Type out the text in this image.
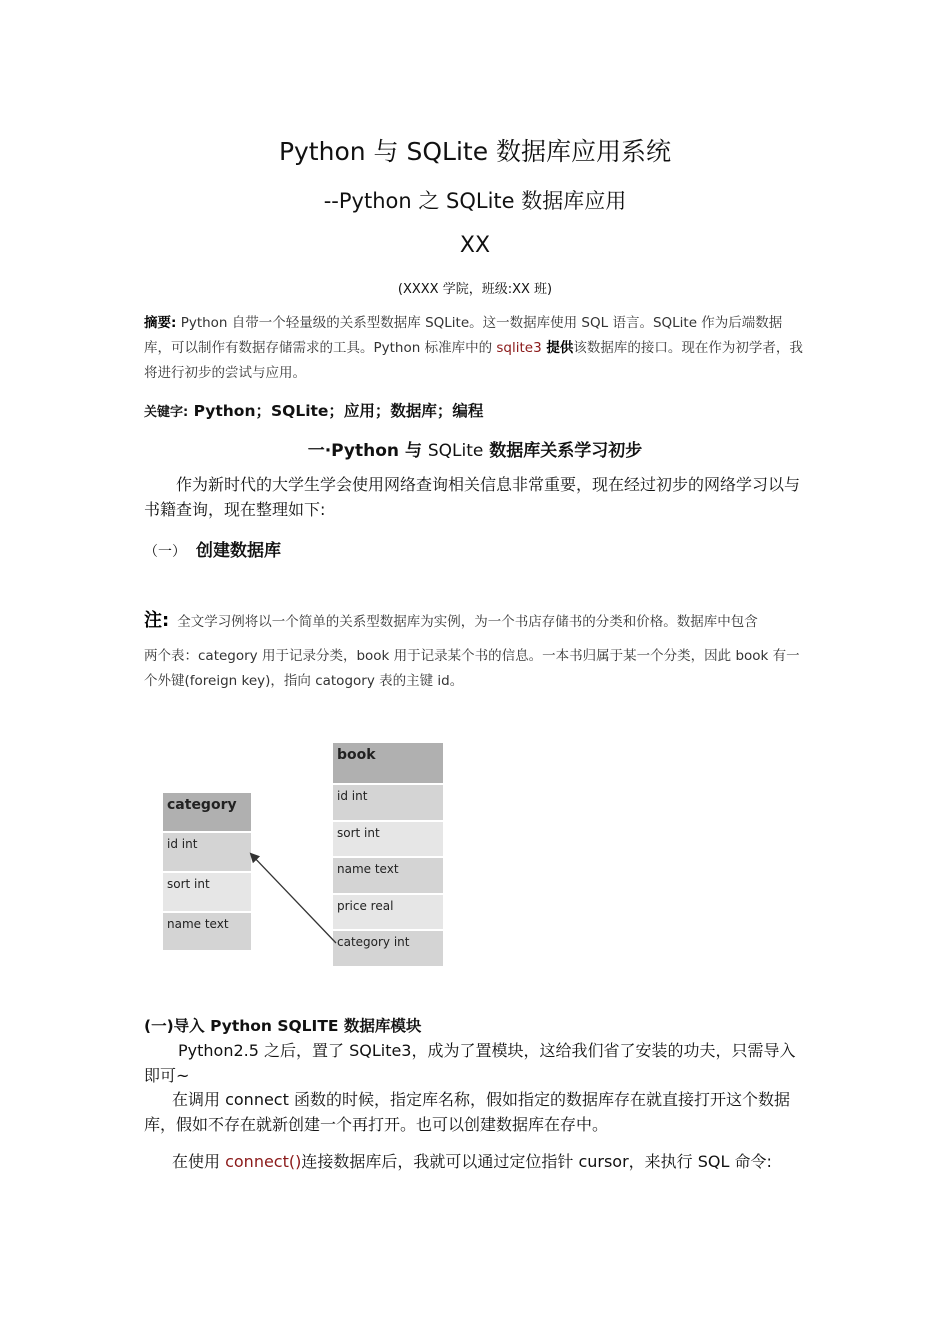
Python 与 SQLite 数据库应用系统
--Python 之 SQLite 数据库应用
XX
(XXXX 学院，班级:XX 班)
摘要: Python 自带一个轻量级的关系型数据库 SQLite。这一数据库使用 SQL 语言。SQLite 作为后端数据库，可以制作有数据存储需求的工具。Python 标准库中的 sqlite3 提供该数据库的接口。现在作为初学者，我将进行初步的尝试与应用。
关键字: Python；SQLite；应用；数据库；编程
一·Python 与 SQLite 数据库关系学习初步
作为新时代的大学生学会使用网络查询相关信息非常重要，现在经过初步的网络学习以与书籍查询，现在整理如下:
（一） 创建数据库
注: 全文学习例将以一个简单的关系型数据库为实例，为一个书店存储书的分类和价格。数据库中包含
两个表：category 用于记录分类，book 用于记录某个书的信息。一本书归属于某一个分类，因此 book 有一个外键(foreign key)，指向 catogory 表的主键 id。
category
id int
sort int
name text
book
id int
sort int
name text
price real
category int
(一)导入 Python SQLITE 数据库模块
Python2.5 之后，置了 SQLite3，成为了置模块，这给我们省了安装的功夫，只需导入即可~
在调用 connect 函数的时候，指定库名称，假如指定的数据库存在就直接打开这个数据库，假如不存在就新创建一个再打开。也可以创建数据库在存中。
在使用 connect()连接数据库后，我就可以通过定位指针 cursor，来执行 SQL 命令:
